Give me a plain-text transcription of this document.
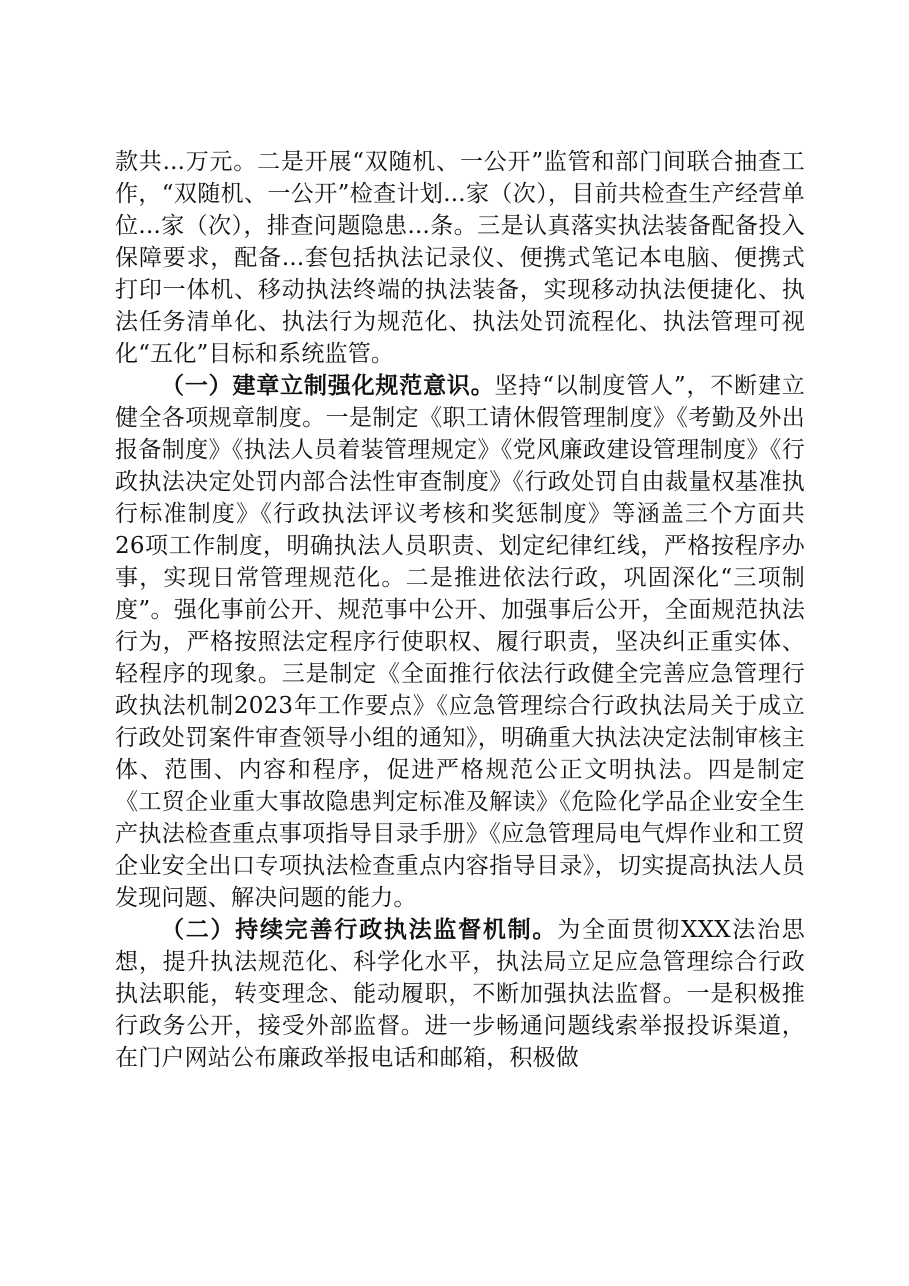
款共...万元。二是开展“双随机、一公开”监管和部门间联合抽查工作，“双随机、一公开”检查计划...家（次），目前共检查生产经营单位...家（次），排查问题隐患...条。三是认真落实执法装备配备投入保障要求，配备...套包括执法记录仪、便携式笔记本电脑、便携式打印一体机、移动执法终端的执法装备，实现移动执法便捷化、执法任务清单化、执法行为规范化、执法处罚流程化、执法管理可视化“五化”目标和系统监管。

（一）建章立制强化规范意识。坚持“以制度管人”，不断建立健全各项规章制度。一是制定《职工请休假管理制度》《考勤及外出报备制度》《执法人员着装管理规定》《党风廉政建设管理制度》《行政执法决定处罚内部合法性审查制度》《行政处罚自由裁量权基准执行标准制度》《行政执法评议考核和奖惩制度》等涵盖三个方面共26项工作制度，明确执法人员职责、划定纪律红线，严格按程序办事，实现日常管理规范化。二是推进依法行政，巩固深化“三项制度”。强化事前公开、规范事中公开、加强事后公开，全面规范执法行为，严格按照法定程序行使职权、履行职责，坚决纠正重实体、轻程序的现象。三是制定《全面推行依法行政健全完善应急管理行政执法机制2023年工作要点》《应急管理综合行政执法局关于成立行政处罚案件审查领导小组的通知》，明确重大执法决定法制审核主体、范围、内容和程序，促进严格规范公正文明执法。四是制定《工贸企业重大事故隐患判定标准及解读》《危险化学品企业安全生产执法检查重点事项指导目录手册》《应急管理局电气焊作业和工贸企业安全出口专项执法检查重点内容指导目录》，切实提高执法人员发现问题、解决问题的能力。

（二）持续完善行政执法监督机制。为全面贯彻XXX法治思想，提升执法规范化、科学化水平，执法局立足应急管理综合行政执法职能，转变理念、能动履职，不断加强执法监督。一是积极推行政务公开，接受外部监督。进一步畅通问题线索举报投诉渠道，在门户网站公布廉政举报电话和邮箱，积极做
